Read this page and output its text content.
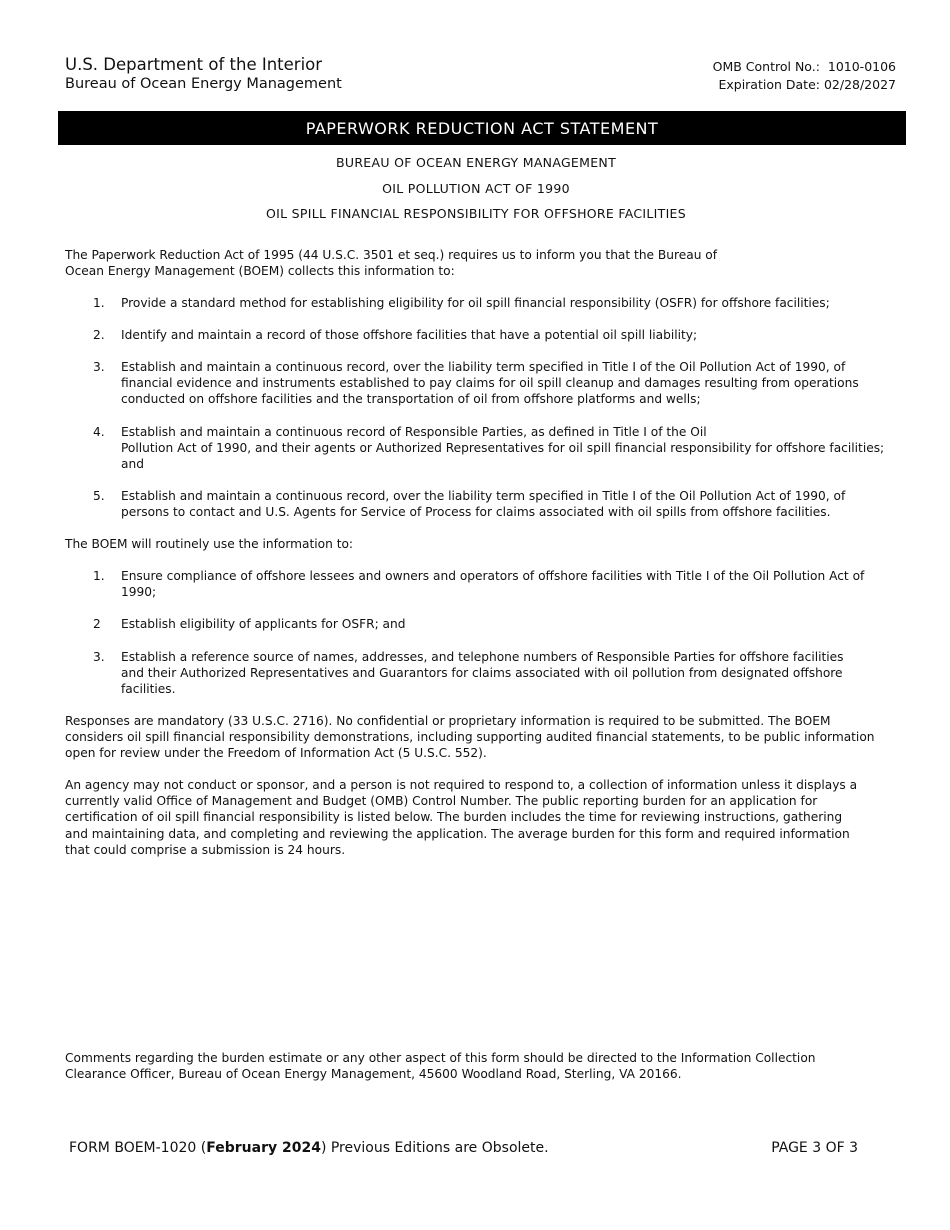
U.S. Department of the Interior
Bureau of Ocean Energy Management
OMB Control No.:  1010-0106
Expiration Date: 02/28/2027
PAPERWORK REDUCTION ACT STATEMENT
BUREAU OF OCEAN ENERGY MANAGEMENT
OIL POLLUTION ACT OF 1990
OIL SPILL FINANCIAL RESPONSIBILITY FOR OFFSHORE FACILITIES
The Paperwork Reduction Act of 1995 (44 U.S.C. 3501 et seq.) requires us to inform you that the Bureau of
Ocean Energy Management (BOEM) collects this information to:
1.	Provide a standard method for establishing eligibility for oil spill financial responsibility (OSFR) for offshore facilities;
2.	Identify and maintain a record of those offshore facilities that have a potential oil spill liability;
3.	Establish and maintain a continuous record, over the liability term specified in Title I of the Oil Pollution Act of 1990, of financial evidence and instruments established to pay claims for oil spill cleanup and damages resulting from operations conducted on offshore facilities and the transportation of oil from offshore platforms and wells;
4.	Establish and maintain a continuous record of Responsible Parties, as defined in Title I of the Oil
Pollution Act of 1990, and their agents or Authorized Representatives for oil spill financial responsibility for offshore facilities; and
5.	Establish and maintain a continuous record, over the liability term specified in Title I of the Oil Pollution Act of 1990, of persons to contact and U.S. Agents for Service of Process for claims associated with oil spills from offshore facilities.
The BOEM will routinely use the information to:
1.	Ensure compliance of offshore lessees and owners and operators of offshore facilities with Title I of the Oil Pollution Act of 1990;
2	Establish eligibility of applicants for OSFR; and
3.	Establish a reference source of names, addresses, and telephone numbers of Responsible Parties for offshore facilities and their Authorized Representatives and Guarantors for claims associated with oil pollution from designated offshore facilities.

Responses are mandatory (33 U.S.C. 2716). No confidential or proprietary information is required to be submitted. The BOEM considers oil spill financial responsibility demonstrations, including supporting audited financial statements, to be public information open for review under the Freedom of Information Act (5 U.S.C. 552).

An agency may not conduct or sponsor, and a person is not required to respond to, a collection of information unless it displays a currently valid Office of Management and Budget (OMB) Control Number. The public reporting burden for an application for certification of oil spill financial responsibility is listed below. The burden includes the time for reviewing instructions, gathering and maintaining data, and completing and reviewing the application. The average burden for this form and required information that could comprise a submission is 24 hours.

Comments regarding the burden estimate or any other aspect of this form should be directed to the Information Collection Clearance Officer, Bureau of Ocean Energy Management, 45600 Woodland Road, Sterling, VA 20166.

FORM BOEM-1020 (February 2024) Previous Editions are Obsolete.	PAGE 3 OF 3
